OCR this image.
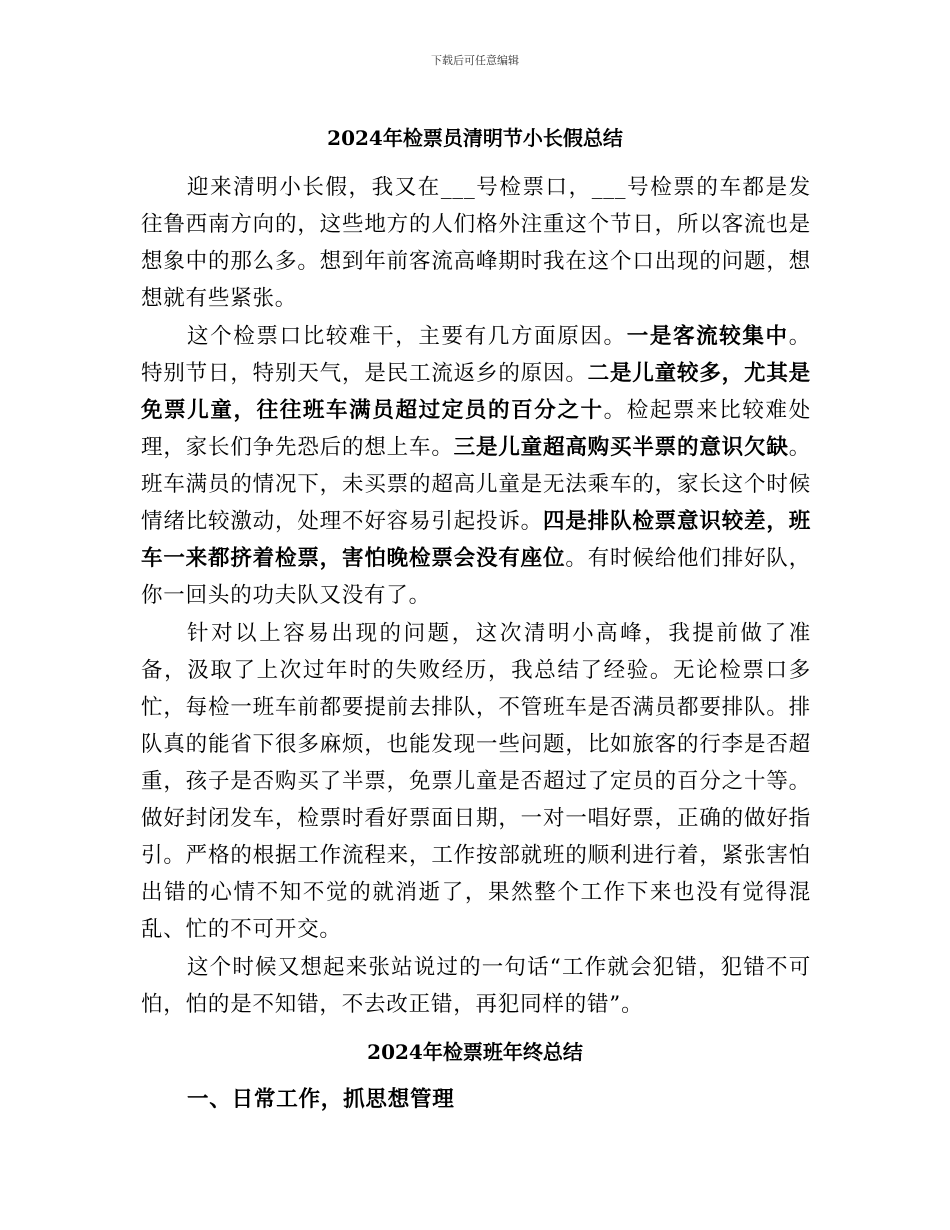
下载后可任意编辑
2024年检票员清明节小长假总结

迎来清明小长假，我又在___号检票口，___号检票的车都是发往鲁西南方向的，这些地方的人们格外注重这个节日，所以客流也是想象中的那么多。想到年前客流高峰期时我在这个口出现的问题，想想就有些紧张。

这个检票口比较难干，主要有几方面原因。一是客流较集中。特别节日，特别天气，是民工流返乡的原因。二是儿童较多，尤其是免票儿童，往往班车满员超过定员的百分之十。检起票来比较难处理，家长们争先恐后的想上车。三是儿童超高购买半票的意识欠缺。班车满员的情况下，未买票的超高儿童是无法乘车的，家长这个时候情绪比较激动，处理不好容易引起投诉。四是排队检票意识较差，班车一来都挤着检票，害怕晚检票会没有座位。有时候给他们排好队，你一回头的功夫队又没有了。

针对以上容易出现的问题，这次清明小高峰，我提前做了准备，汲取了上次过年时的失败经历，我总结了经验。无论检票口多忙，每检一班车前都要提前去排队，不管班车是否满员都要排队。排队真的能省下很多麻烦，也能发现一些问题，比如旅客的行李是否超重，孩子是否购买了半票，免票儿童是否超过了定员的百分之十等。做好封闭发车，检票时看好票面日期，一对一唱好票，正确的做好指引。严格的根据工作流程来，工作按部就班的顺利进行着，紧张害怕出错的心情不知不觉的就消逝了，果然整个工作下来也没有觉得混乱、忙的不可开交。

这个时候又想起来张站说过的一句话“工作就会犯错，犯错不可怕，怕的是不知错，不去改正错，再犯同样的错”。

2024年检票班年终总结
一、日常工作，抓思想管理
